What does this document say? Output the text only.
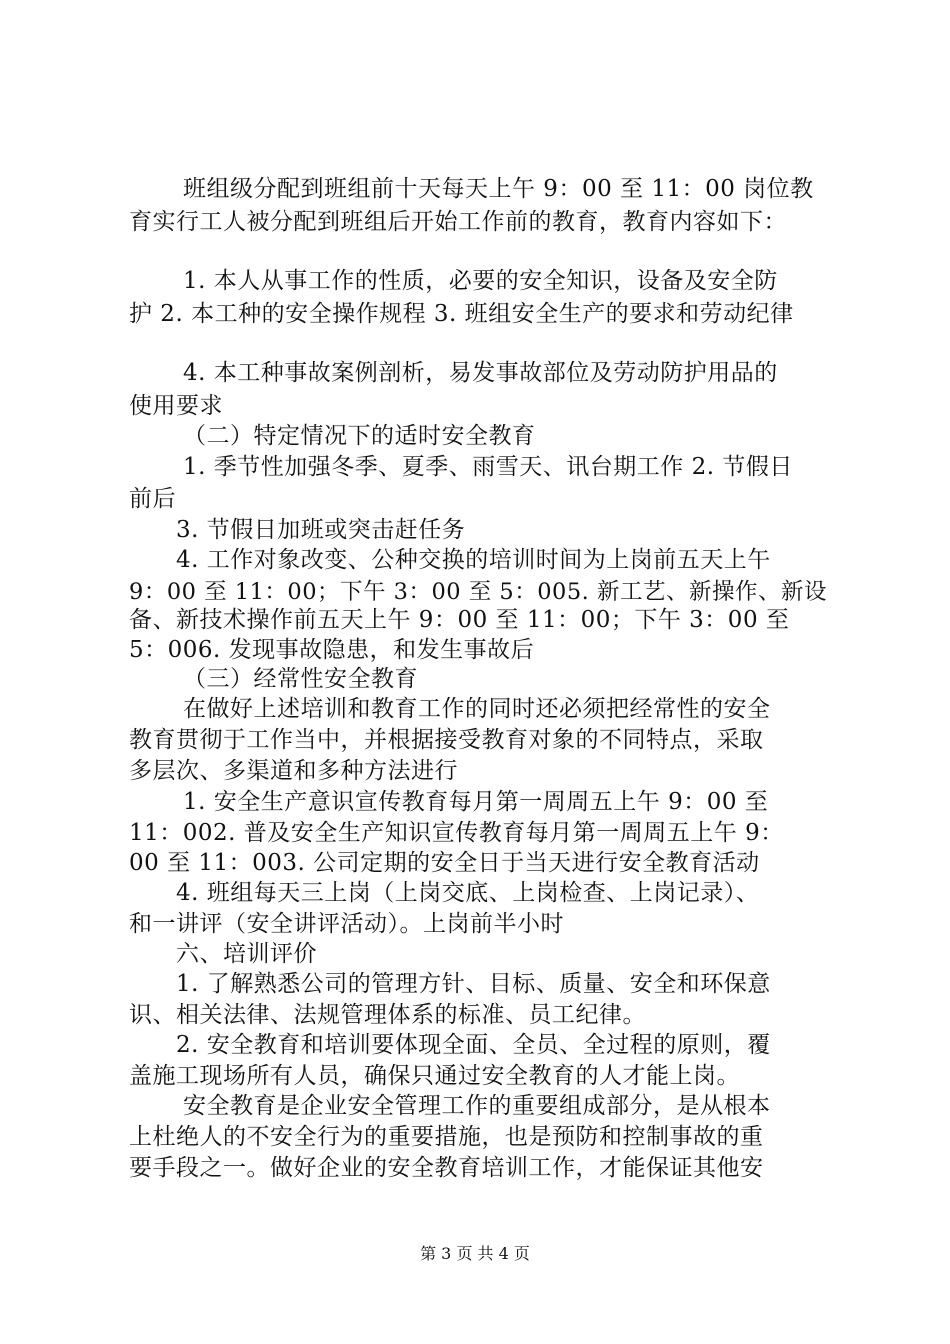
班组级分配到班组前十天每天上午 9：00 至 11：00 岗位教
育实行工人被分配到班组后开始工作前的教育，教育内容如下：
1. 本人从事工作的性质，必要的安全知识，设备及安全防
护 2. 本工种的安全操作规程 3. 班组安全生产的要求和劳动纪律
4. 本工种事故案例剖析，易发事故部位及劳动防护用品的
使用要求
（二）特定情况下的适时安全教育
1. 季节性加强冬季、夏季、雨雪天、讯台期工作 2. 节假日
前后
3. 节假日加班或突击赶任务
4. 工作对象改变、公种交换的培训时间为上岗前五天上午
9：00 至 11：00；下午 3：00 至 5：005. 新工艺、新操作、新设
备、新技术操作前五天上午 9：00 至 11：00；下午 3：00 至
5：006. 发现事故隐患，和发生事故后
（三）经常性安全教育
在做好上述培训和教育工作的同时还必须把经常性的安全
教育贯彻于工作当中，并根据接受教育对象的不同特点，采取
多层次、多渠道和多种方法进行
1. 安全生产意识宣传教育每月第一周周五上午 9：00 至
11：002. 普及安全生产知识宣传教育每月第一周周五上午 9：
00 至 11：003. 公司定期的安全日于当天进行安全教育活动
4. 班组每天三上岗（上岗交底、上岗检查、上岗记录）、
和一讲评（安全讲评活动）。上岗前半小时
六、培训评价
1. 了解熟悉公司的管理方针、目标、质量、安全和环保意
识、相关法律、法规管理体系的标准、员工纪律。
2. 安全教育和培训要体现全面、全员、全过程的原则，覆
盖施工现场所有人员，确保只通过安全教育的人才能上岗。
安全教育是企业安全管理工作的重要组成部分，是从根本
上杜绝人的不安全行为的重要措施，也是预防和控制事故的重
要手段之一。做好企业的安全教育培训工作，才能保证其他安
第 3 页 共 4 页
